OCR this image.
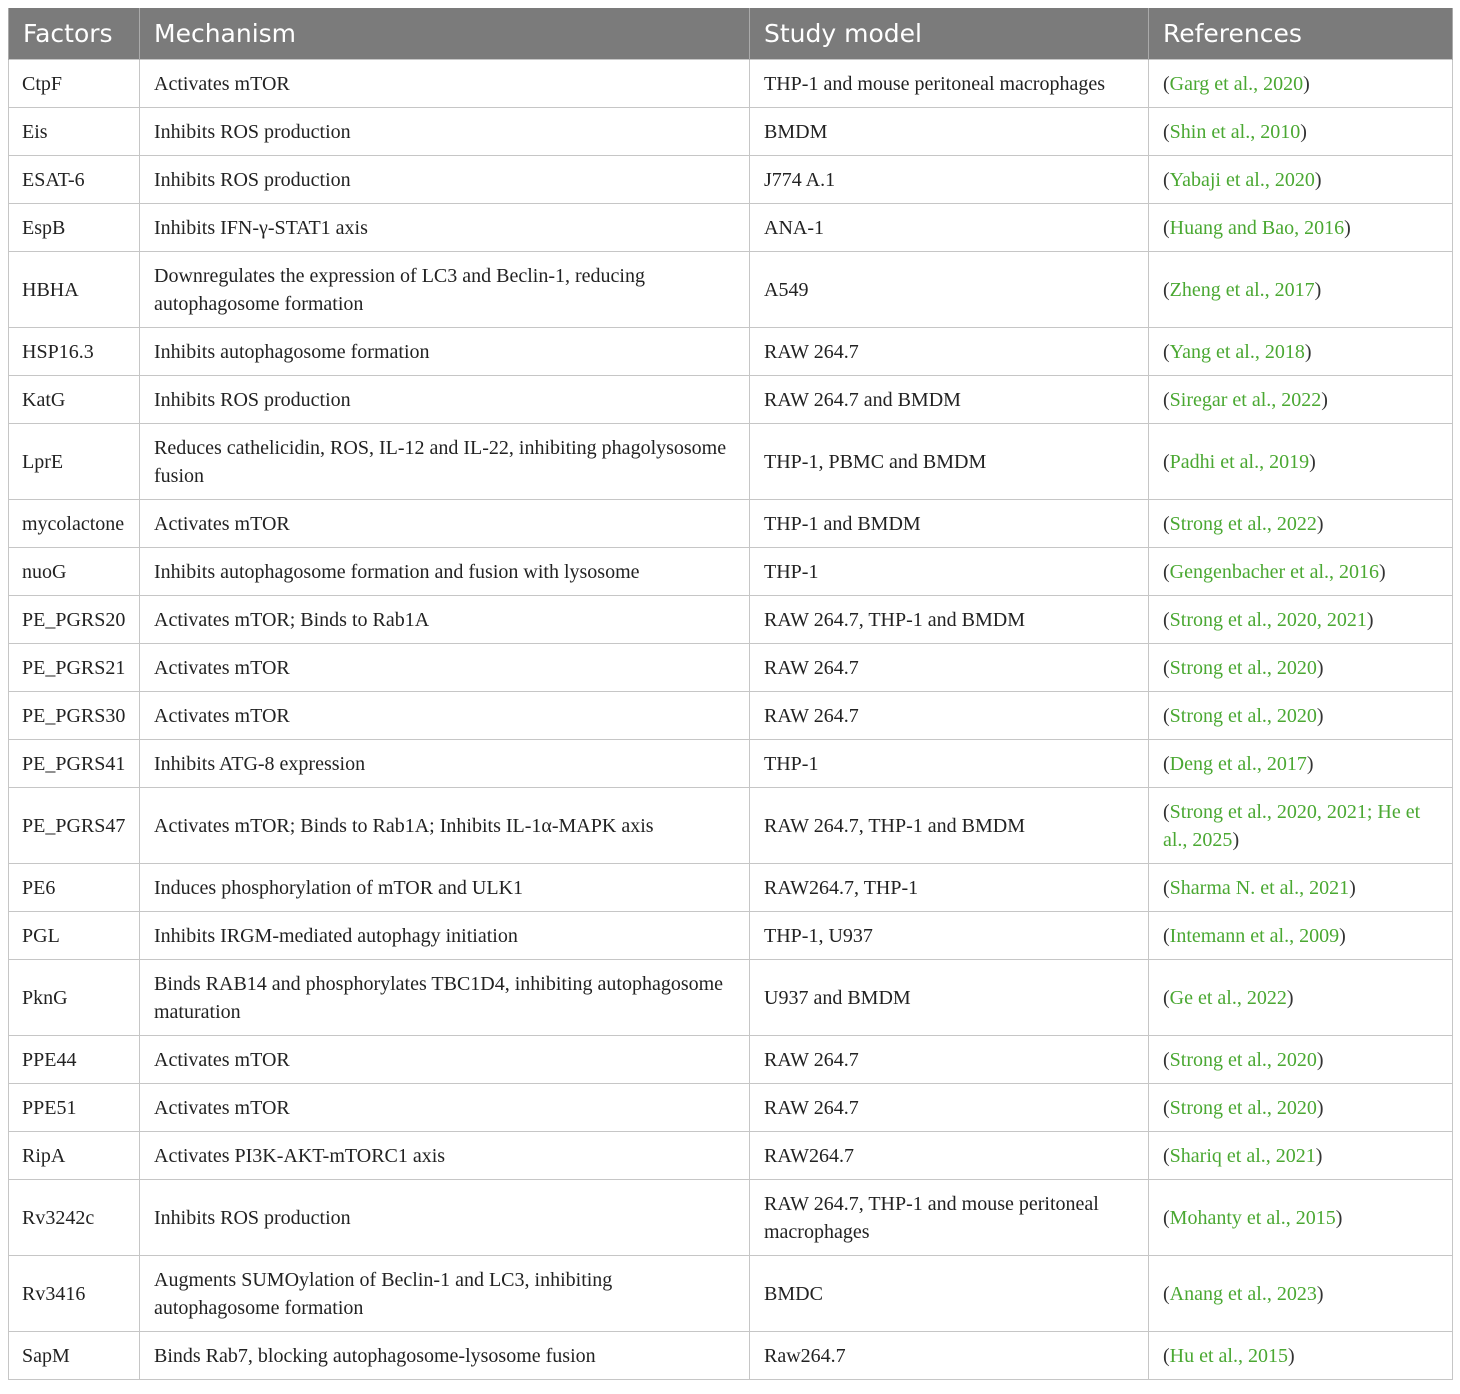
Factors	Mechanism	Study model	References
CtpF	Activates mTOR	THP-1 and mouse peritoneal macrophages	(Garg et al., 2020)
Eis	Inhibits ROS production	BMDM	(Shin et al., 2010)
ESAT-6	Inhibits ROS production	J774 A.1	(Yabaji et al., 2020)
EspB	Inhibits IFN-γ-STAT1 axis	ANA-1	(Huang and Bao, 2016)
HBHA	Downregulates the expression of LC3 and Beclin-1, reducing autophagosome formation	A549	(Zheng et al., 2017)
HSP16.3	Inhibits autophagosome formation	RAW 264.7	(Yang et al., 2018)
KatG	Inhibits ROS production	RAW 264.7 and BMDM	(Siregar et al., 2022)
LprE	Reduces cathelicidin, ROS, IL-12 and IL-22, inhibiting phagolysosome fusion	THP-1, PBMC and BMDM	(Padhi et al., 2019)
mycolactone	Activates mTOR	THP-1 and BMDM	(Strong et al., 2022)
nuoG	Inhibits autophagosome formation and fusion with lysosome	THP-1	(Gengenbacher et al., 2016)
PE_PGRS20	Activates mTOR; Binds to Rab1A	RAW 264.7, THP-1 and BMDM	(Strong et al., 2020, 2021)
PE_PGRS21	Activates mTOR	RAW 264.7	(Strong et al., 2020)
PE_PGRS30	Activates mTOR	RAW 264.7	(Strong et al., 2020)
PE_PGRS41	Inhibits ATG-8 expression	THP-1	(Deng et al., 2017)
PE_PGRS47	Activates mTOR; Binds to Rab1A; Inhibits IL-1α-MAPK axis	RAW 264.7, THP-1 and BMDM	(Strong et al., 2020, 2021; He et al., 2025)
PE6	Induces phosphorylation of mTOR and ULK1	RAW264.7, THP-1	(Sharma N. et al., 2021)
PGL	Inhibits IRGM-mediated autophagy initiation	THP-1, U937	(Intemann et al., 2009)
PknG	Binds RAB14 and phosphorylates TBC1D4, inhibiting autophagosome maturation	U937 and BMDM	(Ge et al., 2022)
PPE44	Activates mTOR	RAW 264.7	(Strong et al., 2020)
PPE51	Activates mTOR	RAW 264.7	(Strong et al., 2020)
RipA	Activates PI3K-AKT-mTORC1 axis	RAW264.7	(Shariq et al., 2021)
Rv3242c	Inhibits ROS production	RAW 264.7, THP-1 and mouse peritoneal macrophages	(Mohanty et al., 2015)
Rv3416	Augments SUMOylation of Beclin-1 and LC3, inhibiting autophagosome formation	BMDC	(Anang et al., 2023)
SapM	Binds Rab7, blocking autophagosome-lysosome fusion	Raw264.7	(Hu et al., 2015)
